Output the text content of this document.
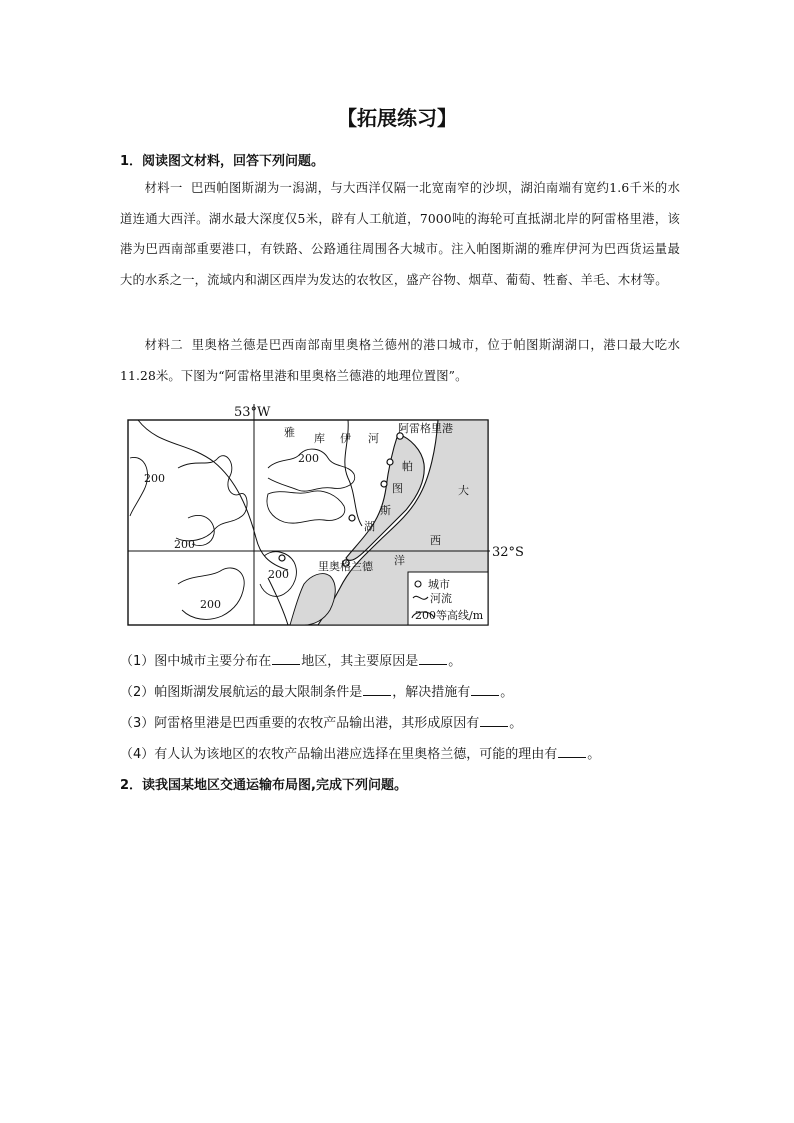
【拓展练习】
1．阅读图文材料，回答下列问题。
材料一 巴西帕图斯湖为一潟湖，与大西洋仅隔一北宽南窄的沙坝，湖泊南端有宽约1.6千米的水道连通大西洋。湖水最大深度仅5米，辟有人工航道，7000吨的海轮可直抵湖北岸的阿雷格里港，该港为巴西南部重要港口，有铁路、公路通往周围各大城市。注入帕图斯湖的雅库伊河为巴西货运量最大的水系之一，流域内和湖区西岸为发达的农牧区，盛产谷物、烟草、葡萄、牲畜、羊毛、木材等。
材料二 里奥格兰德是巴西南部南里奥格兰德州的港口城市，位于帕图斯湖湖口，港口最大吃水11.28米。下图为“阿雷格里港和里奥格兰德港的地理位置图”。
53°W
32°S
阿雷格里港
里奥格兰德
雅 库 伊 河
帕
图
斯
湖
大
西
洋
200
200
200
200
200
城市
河流
200 等高线/m
（1）图中城市主要分布在 地区，其主要原因是 。
（2）帕图斯湖发展航运的最大限制条件是 ，解决措施有 。
（3）阿雷格里港是巴西重要的农牧产品输出港，其形成原因有 。
（4）有人认为该地区的农牧产品输出港应选择在里奥格兰德，可能的理由有 。
2．读我国某地区交通运输布局图,完成下列问题。
